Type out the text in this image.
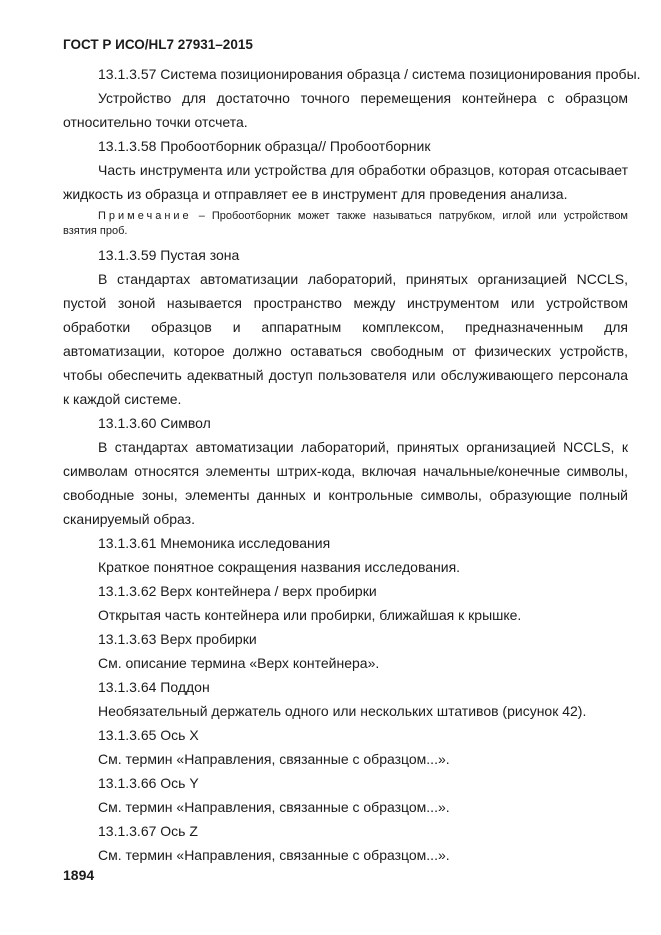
ГОСТ Р ИСО/HL7 27931–2015

13.1.3.57 Система позиционирования образца / система позиционирования пробы.

Устройство для достаточно точного перемещения контейнера с образцом относительно точки отсчета.

13.1.3.58 Пробоотборник образца// Пробоотборник

Часть инструмента или устройства для обработки образцов, которая отсасывает жидкость из образца и отправляет ее в инструмент для проведения анализа.

Примечание – Пробоотборник может также называться патрубком, иглой или устройством взятия проб.

13.1.3.59 Пустая зона

В стандартах автоматизации лабораторий, принятых организацией NCCLS, пустой зоной называется пространство между инструментом или устройством обработки образцов и аппаратным комплексом, предназначенным для автоматизации, которое должно оставаться свободным от физических устройств, чтобы обеспечить адекватный доступ пользователя или обслуживающего персонала к каждой системе.

13.1.3.60 Символ

В стандартах автоматизации лабораторий, принятых организацией NCCLS, к символам относятся элементы штрих-кода, включая начальные/конечные символы, свободные зоны, элементы данных и контрольные символы, образующие полный сканируемый образ.

13.1.3.61 Мнемоника исследования

Краткое понятное сокращения названия исследования.

13.1.3.62 Верх контейнера / верх пробирки

Открытая часть контейнера или пробирки, ближайшая к крышке.

13.1.3.63 Верх пробирки

См. описание термина «Верх контейнера».

13.1.3.64 Поддон

Необязательный держатель одного или нескольких штативов (рисунок 42).

13.1.3.65 Ось X

См. термин «Направления, связанные с образцом...».

13.1.3.66 Ось Y

См. термин «Направления, связанные с образцом...».

13.1.3.67 Ось Z

См. термин «Направления, связанные с образцом...».

1894
